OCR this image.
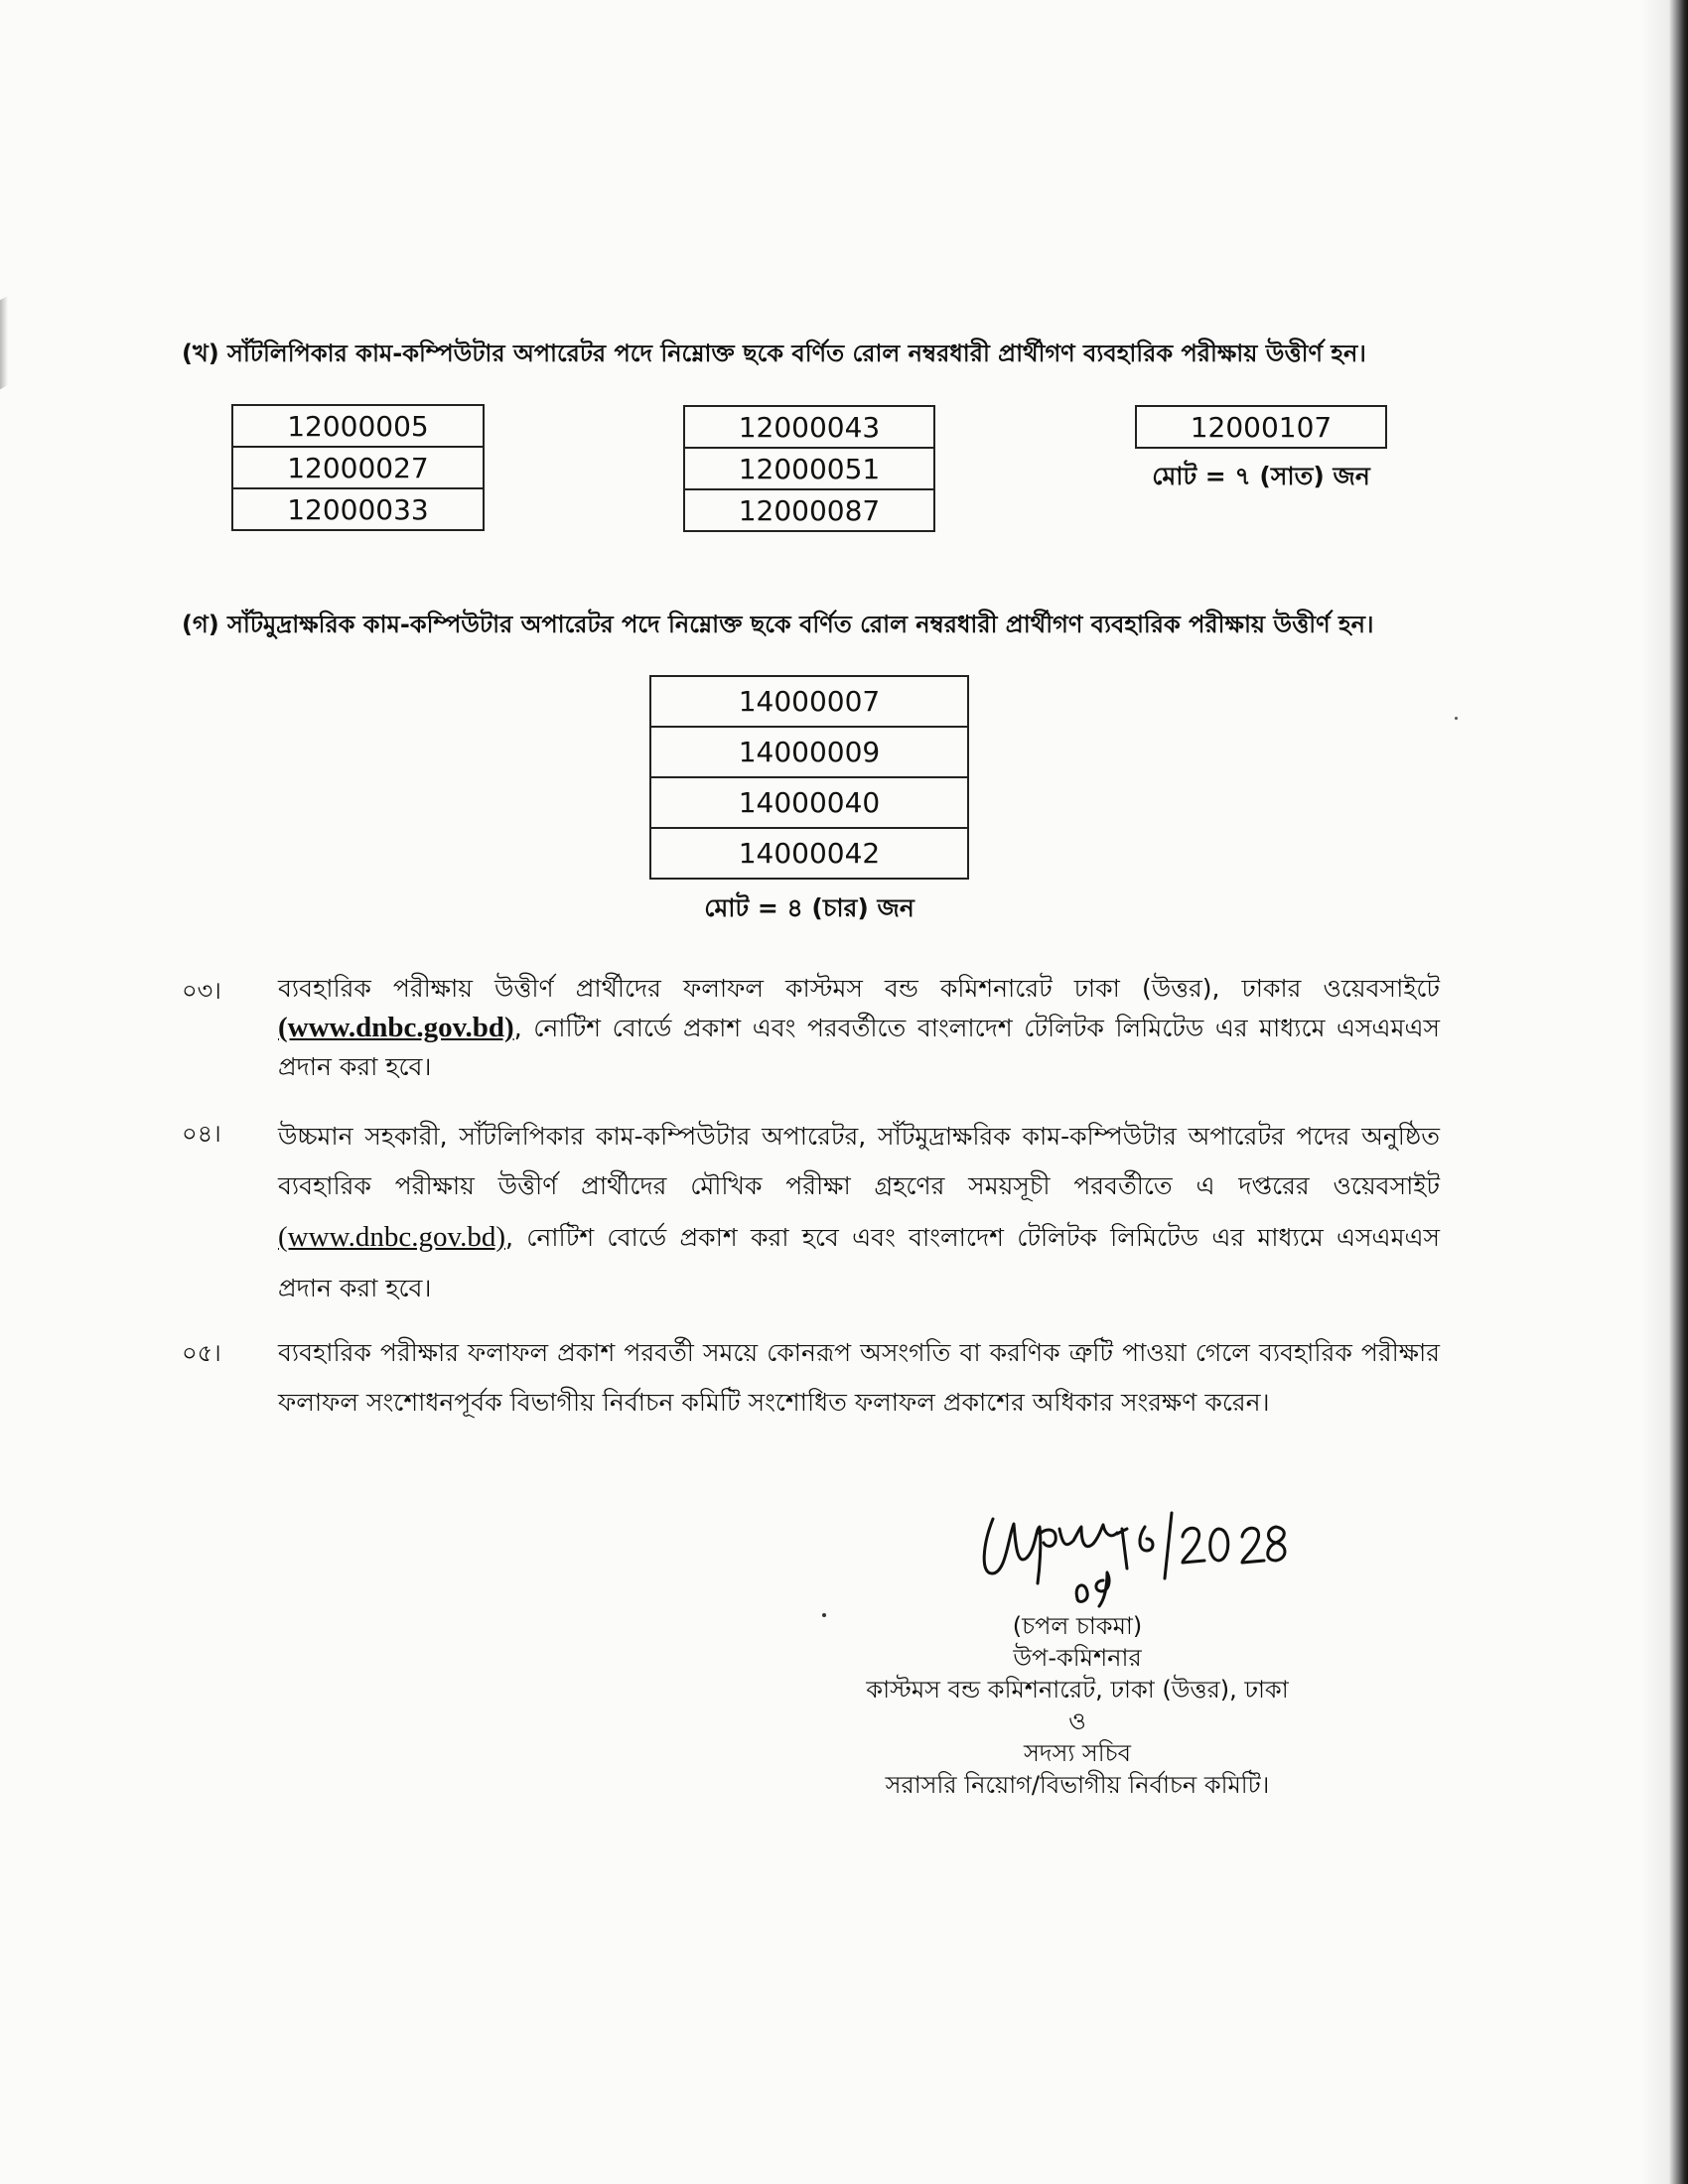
(খ) সাঁটলিপিকার কাম-কম্পিউটার অপারেটর পদে নিম্নোক্ত ছকে বর্ণিত রোল নম্বরধারী প্রার্থীগণ ব্যবহারিক পরীক্ষায় উত্তীর্ণ হন।
12000005
12000027
12000033
12000043
12000051
12000087
12000107
মোট = ৭ (সাত) জন
(গ) সাঁটমুদ্রাক্ষরিক কাম-কম্পিউটার অপারেটর পদে নিম্নোক্ত ছকে বর্ণিত রোল নম্বরধারী প্রার্থীগণ ব্যবহারিক পরীক্ষায় উত্তীর্ণ হন।
14000007
14000009
14000040
14000042
মোট = ৪ (চার) জন
০৩। ব্যবহারিক পরীক্ষায় উত্তীর্ণ প্রার্থীদের ফলাফল কাস্টমস বন্ড কমিশনারেট ঢাকা (উত্তর), ঢাকার ওয়েবসাইটে
(www.dnbc.gov.bd), নোটিশ বোর্ডে প্রকাশ এবং পরবর্তীতে বাংলাদেশ টেলিটক লিমিটেড এর মাধ্যমে এসএমএস
প্রদান করা হবে।
০৪। উচ্চমান সহকারী, সাঁটলিপিকার কাম-কম্পিউটার অপারেটর, সাঁটমুদ্রাক্ষরিক কাম-কম্পিউটার অপারেটর পদের অনুষ্ঠিত
ব্যবহারিক পরীক্ষায় উত্তীর্ণ প্রার্থীদের মৌখিক পরীক্ষা গ্রহণের সময়সূচী পরবর্তীতে এ দপ্তরের ওয়েবসাইট
(www.dnbc.gov.bd), নোটিশ বোর্ডে প্রকাশ করা হবে এবং বাংলাদেশ টেলিটক লিমিটেড এর মাধ্যমে এসএমএস
প্রদান করা হবে।
০৫। ব্যবহারিক পরীক্ষার ফলাফল প্রকাশ পরবর্তী সময়ে কোনরূপ অসংগতি বা করণিক ত্রুটি পাওয়া গেলে ব্যবহারিক পরীক্ষার
ফলাফল সংশোধনপূর্বক বিভাগীয় নির্বাচন কমিটি সংশোধিত ফলাফল প্রকাশের অধিকার সংরক্ষণ করেন।
(চপল চাকমা)
উপ-কমিশনার
কাস্টমস বন্ড কমিশনারেট, ঢাকা (উত্তর), ঢাকা
ও
সদস্য সচিব
সরাসরি নিয়োগ/বিভাগীয় নির্বাচন কমিটি।
